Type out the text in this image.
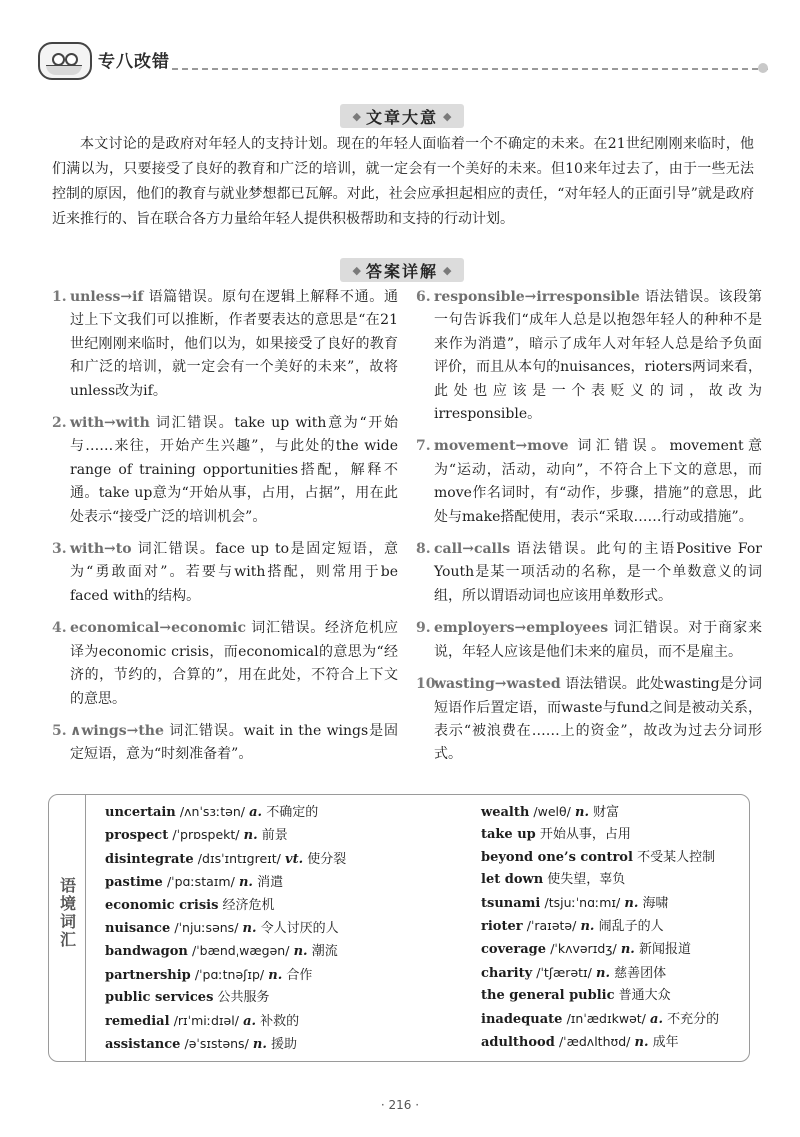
专八改错
◆ 文章大意 ◆

本文讨论的是政府对年轻人的支持计划。现在的年轻人面临着一个不确定的未来。在21世纪刚刚来临时，他们满以为，只要接受了良好的教育和广泛的培训，就一定会有一个美好的未来。但10来年过去了，由于一些无法控制的原因，他们的教育与就业梦想都已瓦解。对此，社会应承担起相应的责任，“对年轻人的正面引导”就是政府近来推行的、旨在联合各方力量给年轻人提供积极帮助和支持的行动计划。

◆ 答案详解 ◆
1. unless→if 语篇错误。原句在逻辑上解释不通。通过上下文我们可以推断，作者要表达的意思是“在21世纪刚刚来临时，他们以为，如果接受了良好的教育和广泛的培训，就一定会有一个美好的未来”，故将unless改为if。
2. with→with 词汇错误。take up with意为“开始与……来往，开始产生兴趣”，与此处的the wide range of training opportunities搭配，解释不通。take up意为“开始从事，占用，占据”，用在此处表示“接受广泛的培训机会”。
3. with→to 词汇错误。face up to是固定短语，意为“勇敢面对”。若要与with搭配，则常用于be faced with的结构。
4. economical→economic 词汇错误。经济危机应译为economic crisis，而economical的意思为“经济的，节约的，合算的”，用在此处，不符合上下文的意思。
5. ∧wings→the 词汇错误。wait in the wings是固定短语，意为“时刻准备着”。
6. responsible→irresponsible 语法错误。该段第一句告诉我们“成年人总是以抱怨年轻人的种种不是来作为消遣”，暗示了成年人对年轻人总是给予负面评价，而且从本句的nuisances，rioters两词来看，此处也应该是一个表贬义的词，故改为irresponsible。
7. movement→move 词汇错误。movement意为“运动，活动，动向”，不符合上下文的意思，而move作名词时，有“动作，步骤，措施”的意思，此处与make搭配使用，表示“采取……行动或措施”。
8. call→calls 语法错误。此句的主语Positive For Youth是某一项活动的名称，是一个单数意义的词组，所以谓语动词也应该用单数形式。
9. employers→employees 词汇错误。对于商家来说，年轻人应该是他们未来的雇员，而不是雇主。
10.
wasting→wasted 语法错误。此处wasting是分词短语作后置定语，而waste与fund之间是被动关系，表示“被浪费在……上的资金”，故改为过去分词形式。
语境词汇
uncertain /ʌnˈsɜːtən/ a. 不确定的
prospect /ˈprɒspekt/ n. 前景
disintegrate /dɪsˈɪntɪgreɪt/ vt. 使分裂
pastime /ˈpɑːstaɪm/ n. 消遣
economic crisis 经济危机
nuisance /ˈnjuːsəns/ n. 令人讨厌的人
bandwagon /ˈbændˌwægən/ n. 潮流
partnership /ˈpɑːtnəʃɪp/ n. 合作
public services 公共服务
remedial /rɪˈmiːdɪəl/ a. 补救的
assistance /əˈsɪstəns/ n. 援助
wealth /welθ/ n. 财富
take up 开始从事，占用
beyond one’s control 不受某人控制
let down 使失望，辜负
tsunami /tsjuːˈnɑːmɪ/ n. 海啸
rioter /ˈraɪətə/ n. 闹乱子的人
coverage /ˈkʌvərɪdʒ/ n. 新闻报道
charity /ˈtʃærətɪ/ n. 慈善团体
the general public 普通大众
inadequate /ɪnˈædɪkwət/ a. 不充分的
adulthood /ˈædʌlthʊd/ n. 成年
· 216 ·
